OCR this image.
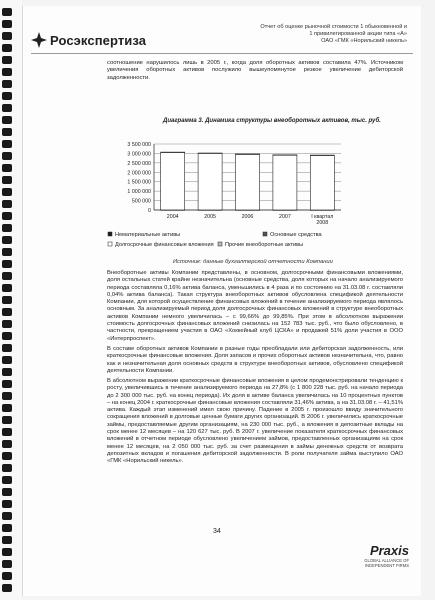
Росэкспертиза
Отчет об оценке рыночной стоимости 1 обыкновенной и
1 привилегированной акции типа «А»
ОАО «ГМК «Норильский никель»

соотношение нарушилось лишь в 2005 г., когда доля оборотных активов составила 47%. Источником увеличения оборотных активов послужило вышеупомянутое резкое увеличение дебиторской задолженности.

Диаграмма 3. Динамика структуры внеоборотных активов, тыс. руб.
0
500 000
1 000 000
1 500 000
2 000 000
2 500 000
3 000 000
3 500 000
2004	2005	2006	2007	I квартал
2008
Нематериальные активы	Основные средства
Долгосрочные финансовые вложения Прочие внеоборотные активы
Источник: данные бухгалтерской отчетности Компании

Внеоборотные активы Компании представлены, в основном, долгосрочными финансовыми вложениями, доля остальных статей крайне незначительна (основные средства, доля которых на начало анализируемого периода составляла 0,16% актива баланса, уменьшились в 4 раза и по состоянию на 31.03.08 г. составляли 0,04% актива баланса). Такая структура внеоборотных активов обусловлена спецификой деятельности Компании, для которой осуществление финансовых вложений в течение анализируемого периода являлось основным. За анализируемый период доля долгосрочных финансовых вложений в структуре внеоборотных активов Компании немного увеличилась – с 99,66% до 99,85%. При этом в абсолютном выражении стоимость долгосрочных финансовых вложений снизилась на 152 783 тыс. руб., что было обусловлено, в частности, прекращением участия в ОАО «Хоккейный клуб ЦСКА» и продажей 51% доли участия в ООО «Интерпроспект».

В составе оборотных активов Компании в разные годы преобладали или дебиторская задолженность, или краткосрочные финансовые вложения. Доля запасов и прочих оборотных активов незначительна, что, равно как и незначительная доля основных средств в структуре внеоборотных активов, обусловлено спецификой деятельности Компании.

В абсолютном выражении краткосрочные финансовые вложения в целом продемонстрировали тенденцию к росту, увеличившись в течение анализируемого периода на 27,8% (с 1 800 228 тыс. руб. на начало периода до 2 300 000 тыс. руб. на конец периода). Их доля в активе баланса увеличилась на 10 процентных пунктов – на конец 2004 г. краткосрочные финансовые вложения составляли 31,46% актива, а на 31.03.08 г. – 41,51% актива. Каждый этап изменений имел свою причину. Падение в 2005 г. произошло ввиду значительного сокращения вложений в долговые ценные бумаги других организаций. В 2006 г. увеличились краткосрочные займы, предоставляемые другим организациям, на 230 000 тыс. руб., а вложения в депозитные вклады на срок менее 12 месяцев – на 120 627 тыс. руб. В 2007 г. увеличение показателя краткосрочных финансовых вложений в отчетном периоде обусловлено увеличением займов, предоставленных организациям на срок менее 12 месяцев, на 2 050 000 тыс. руб. за счет размещения в займы денежных средств от возврата депозитных вкладов и погашения дебиторской задолженности. В роли получателя займа выступило ОАО «ГМК «Норильский никель».

34
Praxis
GLOBAL ALLIANCE OF INDEPENDENT FIRMS
